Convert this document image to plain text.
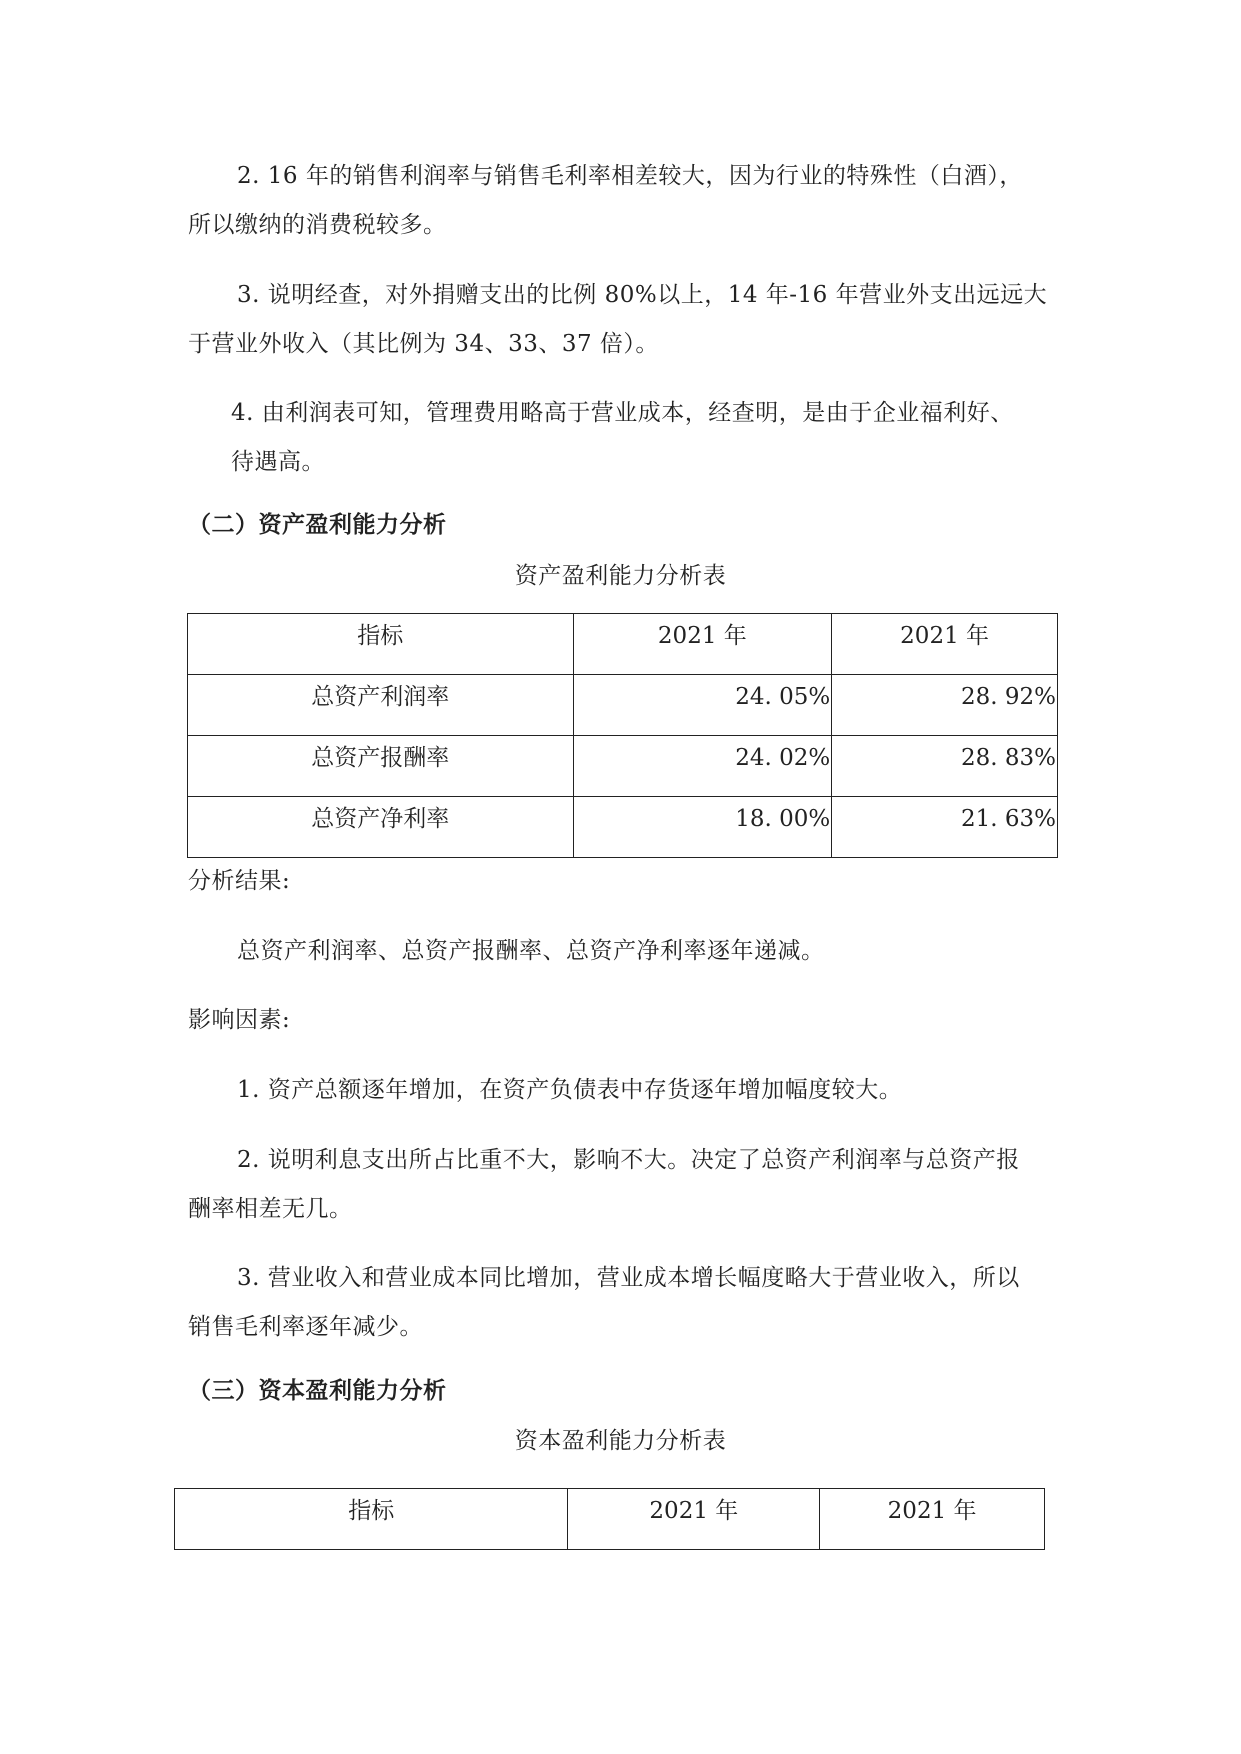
2. 16 年的销售利润率与销售毛利率相差较大，因为行业的特殊性（白酒），
所以缴纳的消费税较多。
3. 说明经查，对外捐赠支出的比例 80%以上，14 年-16 年营业外支出远远大
于营业外收入（其比例为 34、33、37 倍）。
4. 由利润表可知，管理费用略高于营业成本，经查明，是由于企业福利好、
待遇高。
（二）资产盈利能力分析
资产盈利能力分析表
指标	2021 年	2021 年

总资产利润率	24. 05%	28. 92%

总资产报酬率	24. 02%	28. 83%

总资产净利率	18. 00%	21. 63%
分析结果:
总资产利润率、总资产报酬率、总资产净利率逐年递减。
影响因素:
1. 资产总额逐年增加，在资产负债表中存货逐年增加幅度较大。
2. 说明利息支出所占比重不大，影响不大。决定了总资产利润率与总资产报
酬率相差无几。
3. 营业收入和营业成本同比增加，营业成本增长幅度略大于营业收入，所以
销售毛利率逐年减少。
（三）资本盈利能力分析
资本盈利能力分析表
指标	2021 年	2021 年
